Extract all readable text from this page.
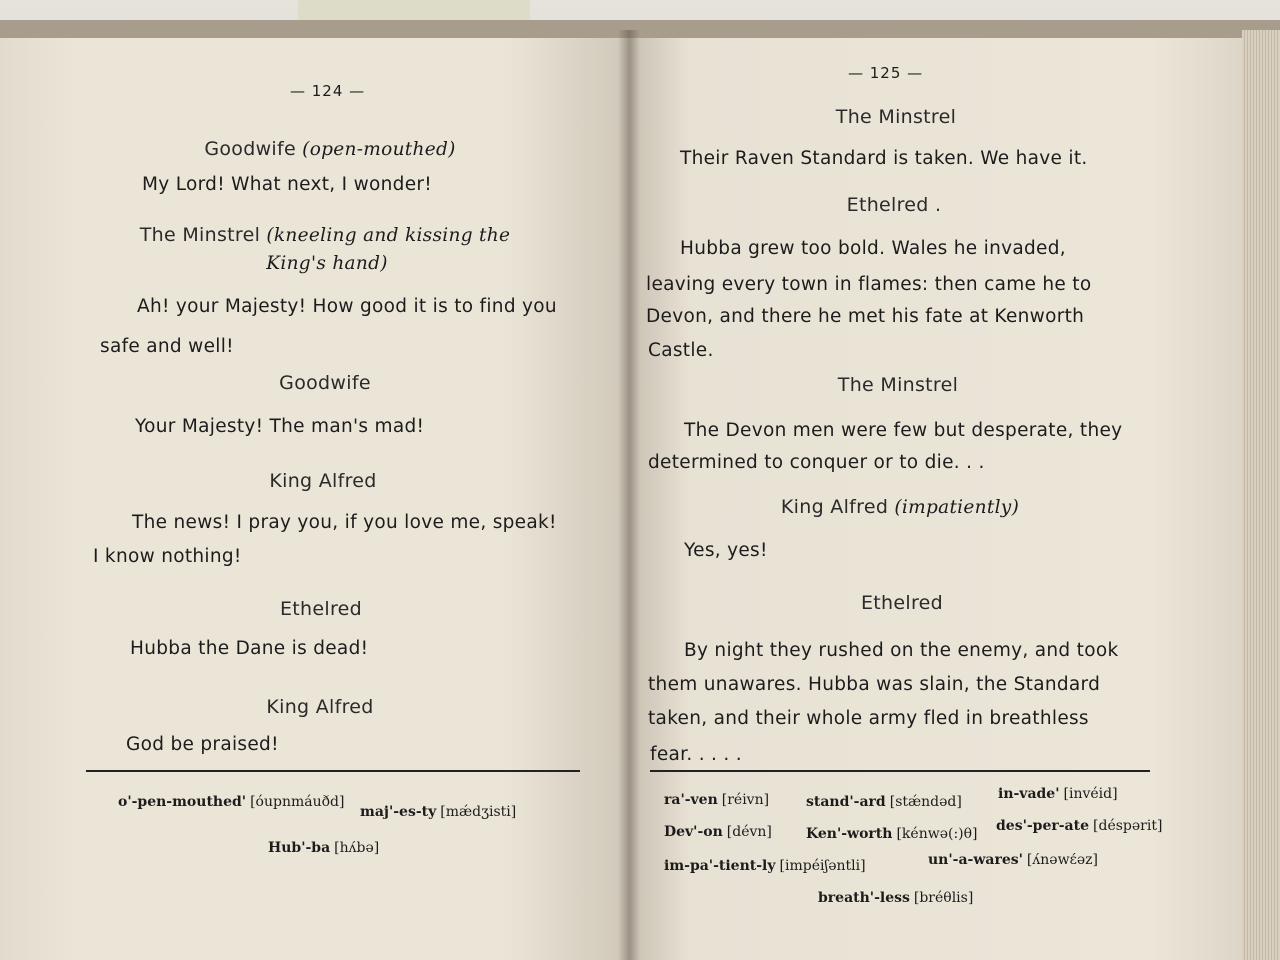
— 124 —
Goodwife (open-mouthed)
My Lord! What next, I wonder!
The Minstrel (kneeling and kissing the
King's hand)
Ah! your Majesty! How good it is to find you
safe and well!
Goodwife
Your Majesty! The man's mad!
King Alfred
The news! I pray you, if you love me, speak!
I know nothing!
Ethelred
Hubba the Dane is dead!
King Alfred
God be praised!
o'-pen-mouthed' [óupnmáuðd]
maj'-es-ty [mǽdʒisti]
Hub'-ba [hʌ́bə]
— 125 —
The Minstrel
Their Raven Standard is taken. We have it.
Ethelred .
Hubba grew too bold. Wales he invaded,
leaving every town in flames: then came he to
Devon, and there he met his fate at Kenworth
Castle.
The Minstrel
The Devon men were few but desperate, they
determined to conquer or to die. . .
King Alfred (impatiently)
Yes, yes!
Ethelred
By night they rushed on the enemy, and took
them unawares. Hubba was slain, the Standard
taken, and their whole army fled in breathless
fear. . . . .
ra'-ven [réivn]	stand'-ard [stǽndəd]	in-vade' [invéid]
Dev'-on [dévn] Ken'-worth [kénwə(:)θ] des'-per-ate [déspərit]
im-pa'-tient-ly [impéiʃəntli]	un'-a-wares' [ʌ́nəwɛ́əz]
breath'-less [bréθlis]
